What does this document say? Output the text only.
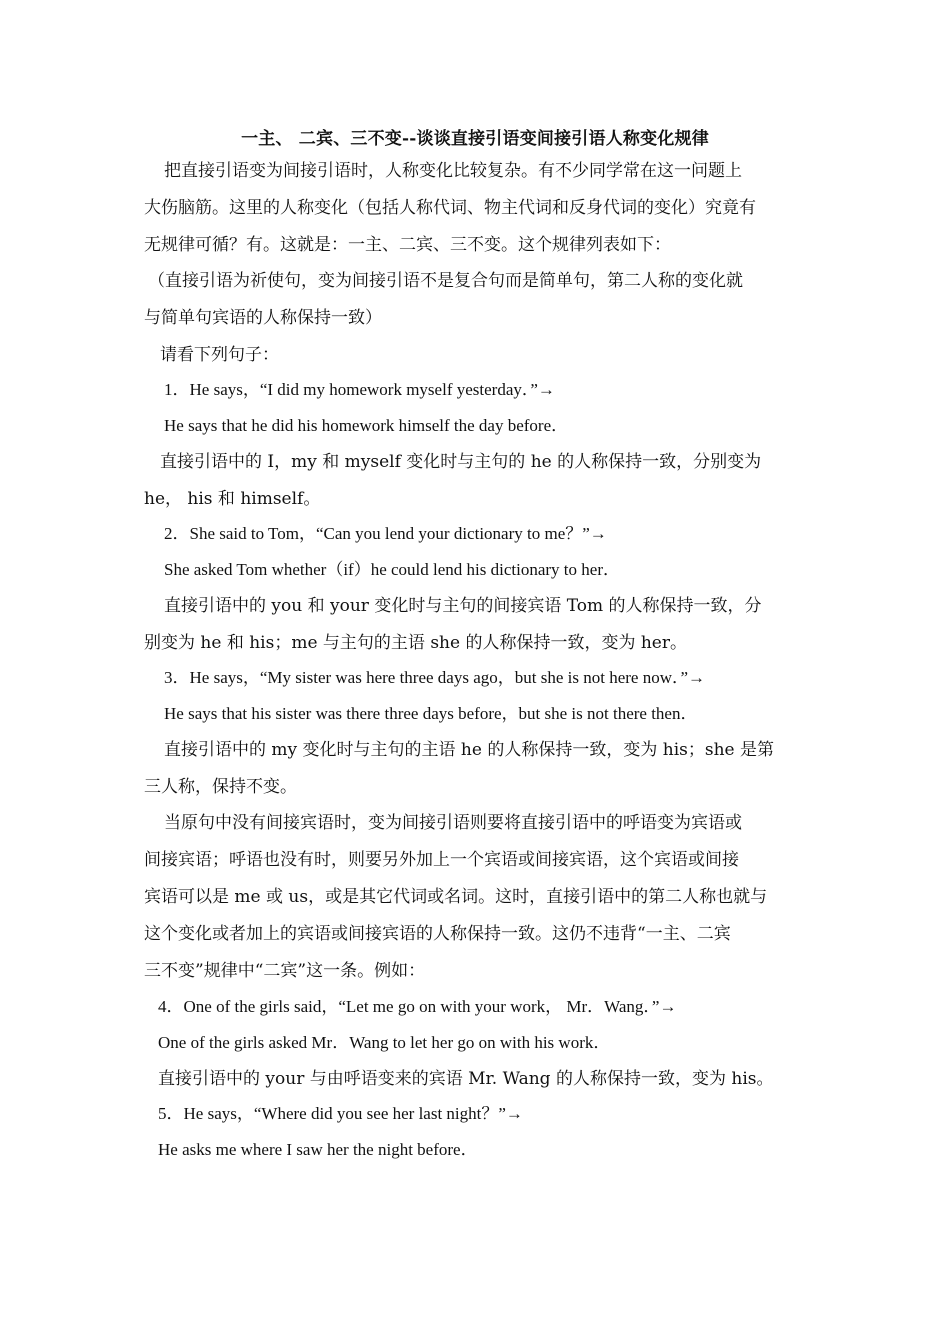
一主、 二宾、三不变--谈谈直接引语变间接引语人称变化规律
把直接引语变为间接引语时，人称变化比较复杂。有不少同学常在这一问题上
大伤脑筋。这里的人称变化（包括人称代词、物主代词和反身代词的变化）究竟有
无规律可循？有。这就是：一主、二宾、三不变。这个规律列表如下：
（直接引语为祈使句，变为间接引语不是复合句而是简单句，第二人称的变化就
与简单句宾语的人称保持一致）
请看下列句子：
1．He says，“I did my homework myself yesterday．”→
He says that he did his homework himself the day before．
直接引语中的 I，my 和 myself 变化时与主句的 he 的人称保持一致，分别变为
he， his 和 himself。
2．She said to Tom，“Can you lend your dictionary to me？”→
She asked Tom whether（if）he could lend his dictionary to her．
直接引语中的 you 和 your 变化时与主句的间接宾语 Tom 的人称保持一致，分
别变为 he 和 his；me 与主句的主语 she 的人称保持一致，变为 her。
3．He says，“My sister was here three days ago，but she is not here now．”→
He says that his sister was there three days before，but she is not there then．
直接引语中的 my 变化时与主句的主语 he 的人称保持一致，变为 his；she 是第
三人称，保持不变。
当原句中没有间接宾语时，变为间接引语则要将直接引语中的呼语变为宾语或
间接宾语；呼语也没有时，则要另外加上一个宾语或间接宾语，这个宾语或间接
宾语可以是 me 或 us，或是其它代词或名词。这时，直接引语中的第二人称也就与
这个变化或者加上的宾语或间接宾语的人称保持一致。这仍不违背“一主、二宾
三不变”规律中“二宾”这一条。例如：
4．One of the girls said，“Let me go on with your work， Mr．Wang．”→
One of the girls asked Mr．Wang to let her go on with his work．
直接引语中的 your 与由呼语变来的宾语 Mr. Wang 的人称保持一致，变为 his。
5．He says，“Where did you see her last night？”→
He asks me where I saw her the night before．
